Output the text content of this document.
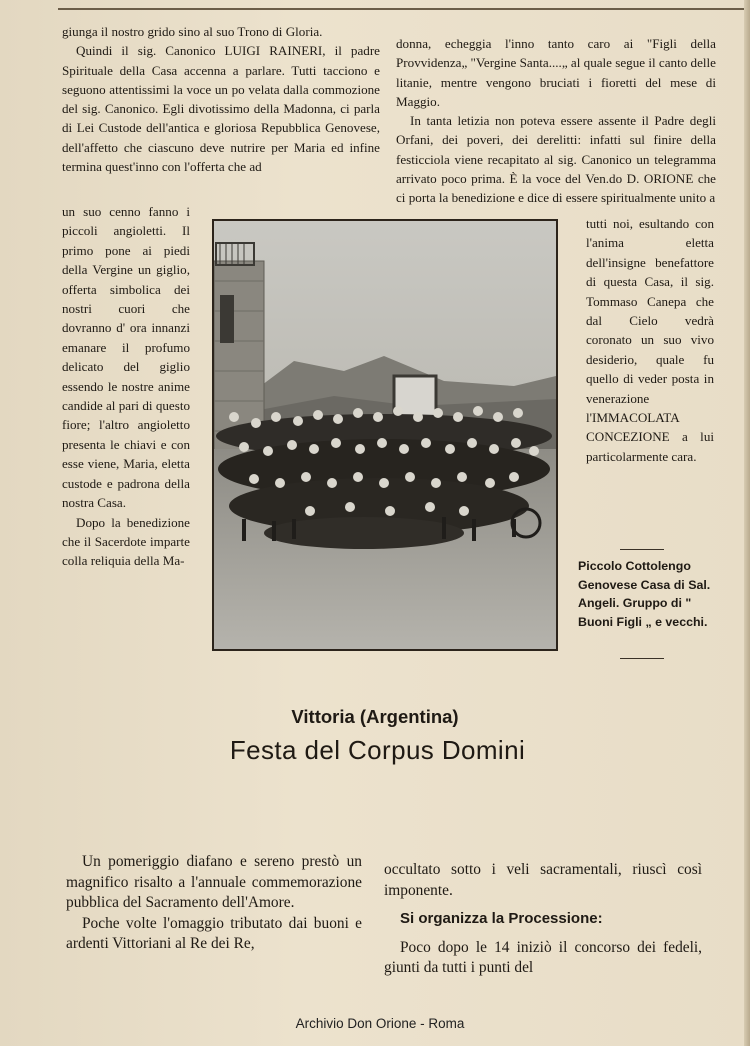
giunga il nostro grido sino al suo Trono di Gloria.

Quindi il sig. Canonico LUIGI RAINERI, il padre Spirituale della Casa accenna a parlare. Tutti tacciono e seguono attentissimi la voce un po velata dalla commozione del sig. Canonico. Egli divotissimo della Madonna, ci parla di Lei Custode dell'antica e gloriosa Repubblica Genovese, dell'affetto che ciascuno deve nutrire per Maria ed infine termina quest'inno con l'offerta che ad

donna, echeggia l'inno tanto caro ai "Figli della Provvidenza„ "Vergine Santa....„ al quale segue il canto delle litanie, mentre vengono bruciati i fioretti del mese di Maggio.

In tanta letizia non poteva essere assente il Padre degli Orfani, dei poveri, dei derelitti: infatti sul finire della festicciola viene recapitato al sig. Canonico un telegramma arrivato poco prima. È la voce del Ven.do D. ORIONE che ci porta la benedizione e dice di essere spiritualmente unito a

un suo cenno fanno i piccoli angioletti. Il primo pone ai piedi della Vergine un giglio, offerta simbolica dei nostri cuori che dovranno d' ora innanzi emanare il profumo delicato del giglio essendo le nostre anime candide al pari di questo fiore; l'altro angioletto presenta le chiavi e con esse viene, Maria, eletta custode e padrona della nostra Casa.

Dopo la benedizione che il Sacerdote imparte colla reliquia della Ma-

tutti noi, esultando con l'anima eletta dell'insigne benefattore di questa Casa, il sig. Tommaso Canepa che dal Cielo vedrà coronato un suo vivo desiderio, quale fu quello di veder posta in venerazione l'IMMACOLATA CONCEZIONE a lui particolarmente cara.

Piccolo Cottolengo Genovese Casa di Sal. Angeli. Gruppo di " Buoni Figli „ e vecchi.
Vittoria (Argentina)
Festa del Corpus Domini

Un pomeriggio diafano e sereno prestò un magnifico risalto a l'annuale commemorazione pubblica del Sacramento dell'Amore.

Poche volte l'omaggio tributato dai buoni e ardenti Vittoriani al Re dei Re,

occultato sotto i veli sacramentali, riuscì così imponente.

Si organizza la Processione:

Poco dopo le 14 iniziò il concorso dei fedeli, giunti da tutti i punti del

Archivio Don Orione - Roma
